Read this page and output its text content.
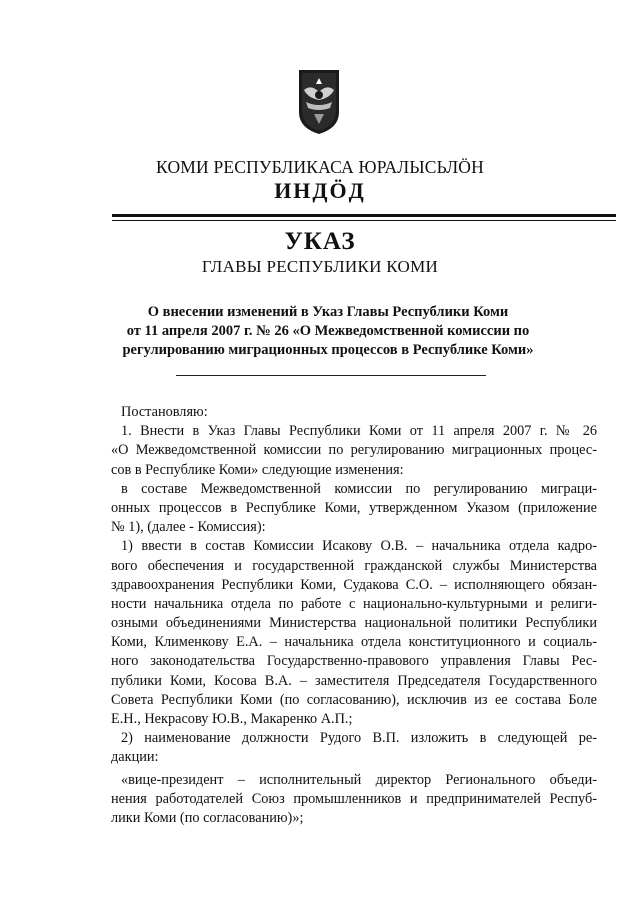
КОМИ РЕСПУБЛИКАСА ЮРАЛЫСЬЛÖН
ИНДÖД
УКАЗ
ГЛАВЫ РЕСПУБЛИКИ КОМИ
О внесении изменений в Указ Главы Республики Коми
от 11 апреля 2007 г. № 26 «О Межведомственной комиссии по
регулированию миграционных процессов в Республике Коми»
Постановляю:
1. Внести в Указ Главы Республики Коми от 11 апреля 2007 г. № 26
«О Межведомственной комиссии по регулированию миграционных процес-
сов в Республике Коми» следующие изменения:
в составе Межведомственной комиссии по регулированию миграци-
онных процессов в Республике Коми, утвержденном Указом (приложение
№ 1), (далее - Комиссия):
1) ввести в состав Комиссии Исакову О.В. – начальника отдела кадро-
вого обеспечения и государственной гражданской службы Министерства
здравоохранения Республики Коми, Судакова С.О. – исполняющего обязан-
ности начальника отдела по работе с национально-культурными и религи-
озными объединениями Министерства национальной политики Республики
Коми, Клименкову Е.А. – начальника отдела конституционного и социаль-
ного законодательства Государственно-правового управления Главы Рес-
публики Коми, Косова В.А. – заместителя Председателя Государственного
Совета Республики Коми (по согласованию), исключив из ее состава Боле
Е.Н., Некрасову Ю.В., Макаренко А.П.;
2) наименование должности Рудого В.П. изложить в следующей ре-
дакции:
«вице-президент – исполнительный директор Регионального объеди-
нения работодателей Союз промышленников и предпринимателей Респуб-
лики Коми (по согласованию)»;
